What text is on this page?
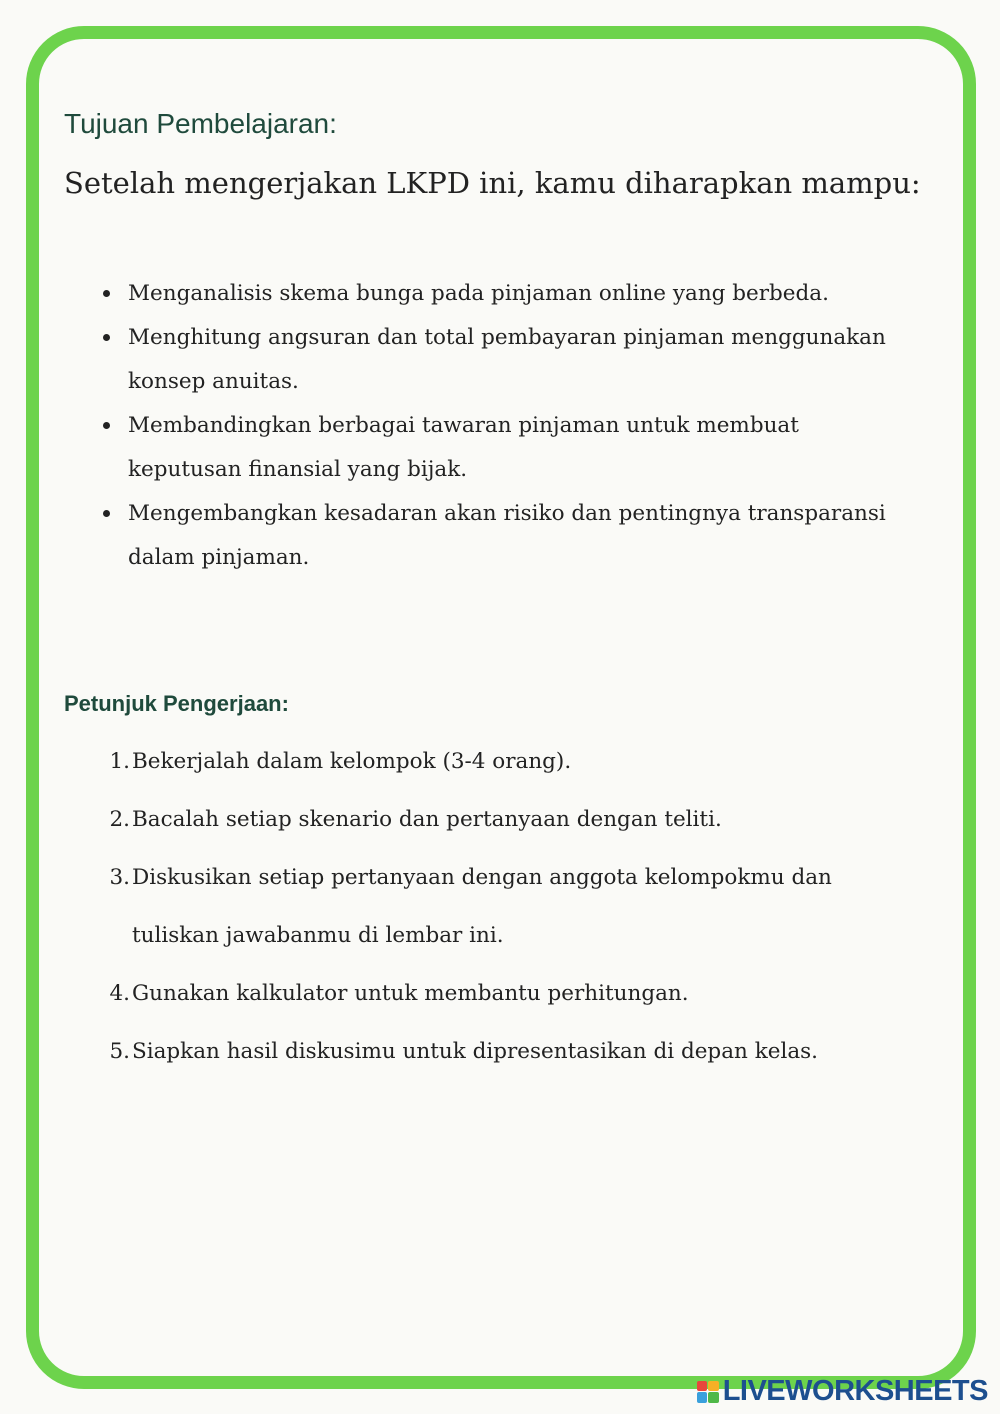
Tujuan Pembelajaran:

Setelah mengerjakan LKPD ini, kamu diharapkan mampu:

Menganalisis skema bunga pada pinjaman online yang berbeda.
Menghitung angsuran dan total pembayaran pinjaman menggunakan konsep anuitas.
Membandingkan berbagai tawaran pinjaman untuk membuat keputusan finansial yang bijak.
Mengembangkan kesadaran akan risiko dan pentingnya transparansi dalam pinjaman.
Petunjuk Pengerjaan:
1. Bekerjalah dalam kelompok (3-4 orang).
2. Bacalah setiap skenario dan pertanyaan dengan teliti.
3. Diskusikan setiap pertanyaan dengan anggota kelompokmu dan tuliskan jawabanmu di lembar ini.
4. Gunakan kalkulator untuk membantu perhitungan.
5. Siapkan hasil diskusimu untuk dipresentasikan di depan kelas.
LIVEWORKSHEETS
